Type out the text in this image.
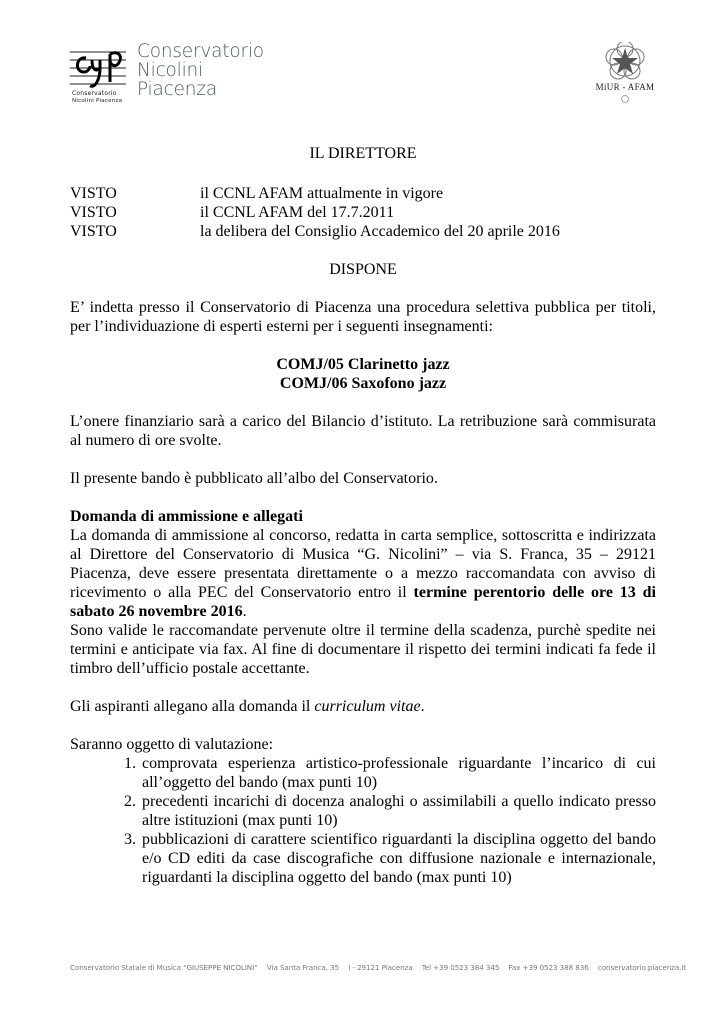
Conservatorio
Nicolini Piacenza
Conservatorio
Nicolini
Piacenza	MiUR - AFAM
IL DIRETTORE
VISTO	il CCNL AFAM attualmente in vigore
VISTO	il CCNL AFAM del 17.7.2011
VISTO	la delibera del Consiglio Accademico del 20 aprile 2016
DISPONE

E’ indetta presso il Conservatorio di Piacenza una procedura selettiva pubblica per titoli, per l’individuazione di esperti esterni per i seguenti insegnamenti:

COMJ/05 Clarinetto jazz
COMJ/06 Saxofono jazz

L’onere finanziario sarà a carico del Bilancio d’istituto. La retribuzione sarà commisurata al numero di ore svolte.

Il presente bando è pubblicato all’albo del Conservatorio.

Domanda di ammissione e allegati

La domanda di ammissione al concorso, redatta in carta semplice, sottoscritta e indirizzata al Direttore del Conservatorio di Musica “G. Nicolini” – via S. Franca, 35 – 29121 Piacenza, deve essere presentata direttamente o a mezzo raccomandata con avviso di ricevimento o alla PEC del Conservatorio entro il termine perentorio delle ore 13 di sabato 26 novembre 2016.

Sono valide le raccomandate pervenute oltre il termine della scadenza, purchè spedite nei termini e anticipate via fax. Al fine di documentare il rispetto dei termini indicati fa fede il timbro dell’ufficio postale accettante.

Gli aspiranti allegano alla domanda il curriculum vitae.

Saranno oggetto di valutazione:

1. comprovata esperienza artistico-professionale riguardante l’incarico di cui all’oggetto del bando (max punti 10)
2. precedenti incarichi di docenza analoghi o assimilabili a quello indicato presso altre istituzioni (max punti 10)
3. pubblicazioni di carattere scientifico riguardanti la disciplina oggetto del bando e/o CD editi da case discografiche con diffusione nazionale e internazionale, riguardanti la disciplina oggetto del bando (max punti 10)
Conservatorio Statale di Musica “GIUSEPPE NICOLINI” Via Santa Franca, 35 I - 29121 Piacenza Tel +39 0523 384 345 Fax +39 0523 388 836 conservatorio.piacenza.it
